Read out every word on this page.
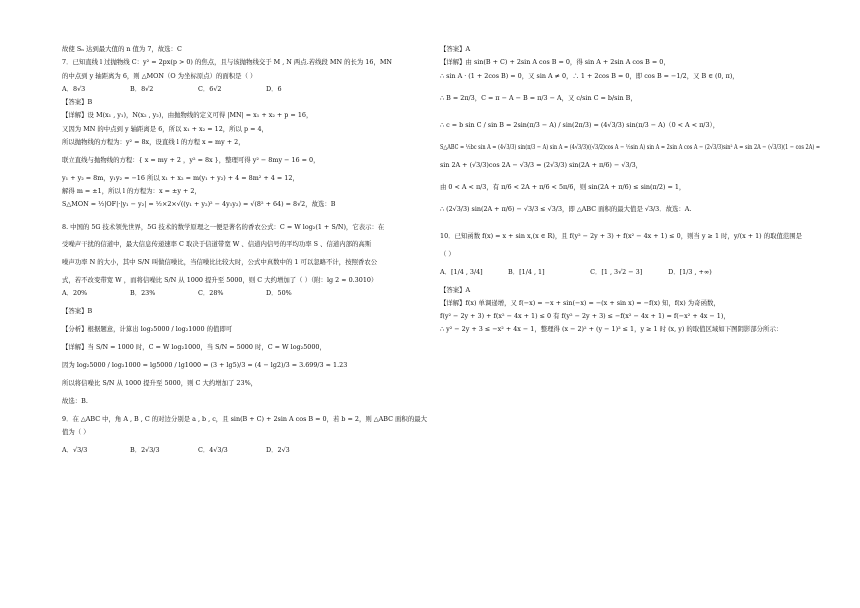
故使 Sₙ 达到最大值的 n 值为 7，故选：C

7．已知直线 l 过抛物线 C：y² = 2px(p > 0) 的焦点，且与该抛物线交于 M , N 两点.若线段 MN 的长为 16，MN

的中点到 y 轴距离为 6，则 △MON（O 为坐标原点）的面积是（ ）

A．8√3	B．8√2	C．6√2	D．6

【答案】B

【详解】设 M(x₁ , y₁)，N(x₂ , y₂)，由抛物线的定义可得 |MN| = x₁ + x₂ + p = 16，

又因为 MN 的中点到 y 轴距离是 6，所以 x₁ + x₂ = 12，所以 p = 4，

所以抛物线的方程为：y² = 8x，设直线 l 的方程 x = my + 2，

联立直线与抛物线的方程：{ x = my + 2 ，y² = 8x }，整理可得 y² − 8my − 16 = 0，

y₁ + y₂ = 8m，y₁y₂ = −16 所以 x₁ + x₂ = m(y₁ + y₂) + 4 = 8m² + 4 = 12，

解得 m = ±1，所以 l 的方程为：x = ±y + 2，

S△MON = ½|OF|·|y₁ − y₂| = ½×2×√((y₁ + y₂)² − 4y₁y₂) = √(8² + 64) = 8√2，故选：B

8. 中国的 5G 技术领先世界，5G 技术的数学原理之一便是著名的香农公式：C = W log₂(1 + S/N)，它表示：在

受噪声干扰的信道中，最大信息传递速率 C 取决于信道带宽 W 、信道内信号的平均功率 S 、信道内部的高斯

噪声功率 N 的大小，其中 S/N 叫做信噪比，当信噪比比较大时，公式中真数中的 1 可以忽略不计，按照香农公

式，若不改变带宽 W ，而将信噪比 S/N 从 1000 提升至 5000，则 C 大约增加了（ ）（附：lg 2 ≈ 0.3010）

A．20%	B．23%	C．28%	D．50%

【答案】B

【分析】根据题意，计算出 log₂5000 / log₂1000 的值即可

【详解】当 S/N = 1000 时，C = W log₂1000，当 S/N = 5000 时，C = W log₂5000，

因为 log₂5000 / log₂1000 = lg5000 / lg1000 = (3 + lg5)/3 = (4 − lg2)/3 = 3.699/3 ≈ 1.23

所以将信噪比 S/N 从 1000 提升至 5000，则 C 大约增加了 23%，

故选：B.

9．在 △ABC 中，角 A , B , C 的对边分别是 a , b , c，且 sin(B + C) + 2sin A cos B = 0，若 b = 2，则 △ABC 面积的最大

值为（ ）

A．√3/3	B．2√3/3	C．4√3/3	D．2√3

【答案】A

【详解】由 sin(B + C) + 2sin A cos B = 0，得 sin A + 2sin A cos B = 0，

∴ sin A · (1 + 2cos B) = 0，又 sin A ≠ 0，∴ 1 + 2cos B = 0，即 cos B = −1/2，又 B ∈ (0, π)，

∴ B = 2π/3，C = π − A − B = π/3 − A，又 c/sin C = b/sin B，

∴ c = b sin C / sin B = 2sin(π/3 − A) / sin(2π/3) = (4√3/3) sin(π/3 − A)（0 < A < π/3），

S△ABC = ½bc sin A = (4√3/3) sin(π/3 − A) sin A = (4√3/3)((√3/2)cos A − ½sin A) sin A = 2sin A cos A − (2√3/3)sin² A = sin 2A − (√3/3)(1 − cos 2A) =

sin 2A + (√3/3)cos 2A − √3/3 = (2√3/3) sin(2A + π/6) − √3/3，

由 0 < A < π/3，有 π/6 < 2A + π/6 < 5π/6，则 sin(2A + π/6) ≤ sin(π/2) = 1，

∴ (2√3/3) sin(2A + π/6) − √3/3 ≤ √3/3，即 △ABC 面积的最大值是 √3/3．故选：A.

10．已知函数 f(x) = x + sin x,(x ∈ R)，且 f(y² − 2y + 3) + f(x² − 4x + 1) ≤ 0，则当 y ≥ 1 时，y/(x + 1) 的取值范围是

（ ）

A．[1/4 , 3/4]	B．[1/4 , 1]	C．[1 , 3√2 − 3]	D．[1/3 , +∞)

【答案】A

【详解】f(x) 单调递增，又 f(−x) = −x + sin(−x) = −(x + sin x) = −f(x) 知，f(x) 为奇函数，

f(y² − 2y + 3) + f(x² − 4x + 1) ≤ 0 有 f(y² − 2y + 3) ≤ −f(x² − 4x + 1) = f(−x² + 4x − 1)，

∴ y² − 2y + 3 ≤ −x² + 4x − 1，整理得 (x − 2)² + (y − 1)² ≤ 1，y ≥ 1 时 (x, y) 的取值区域如下图阴影部分所示：
